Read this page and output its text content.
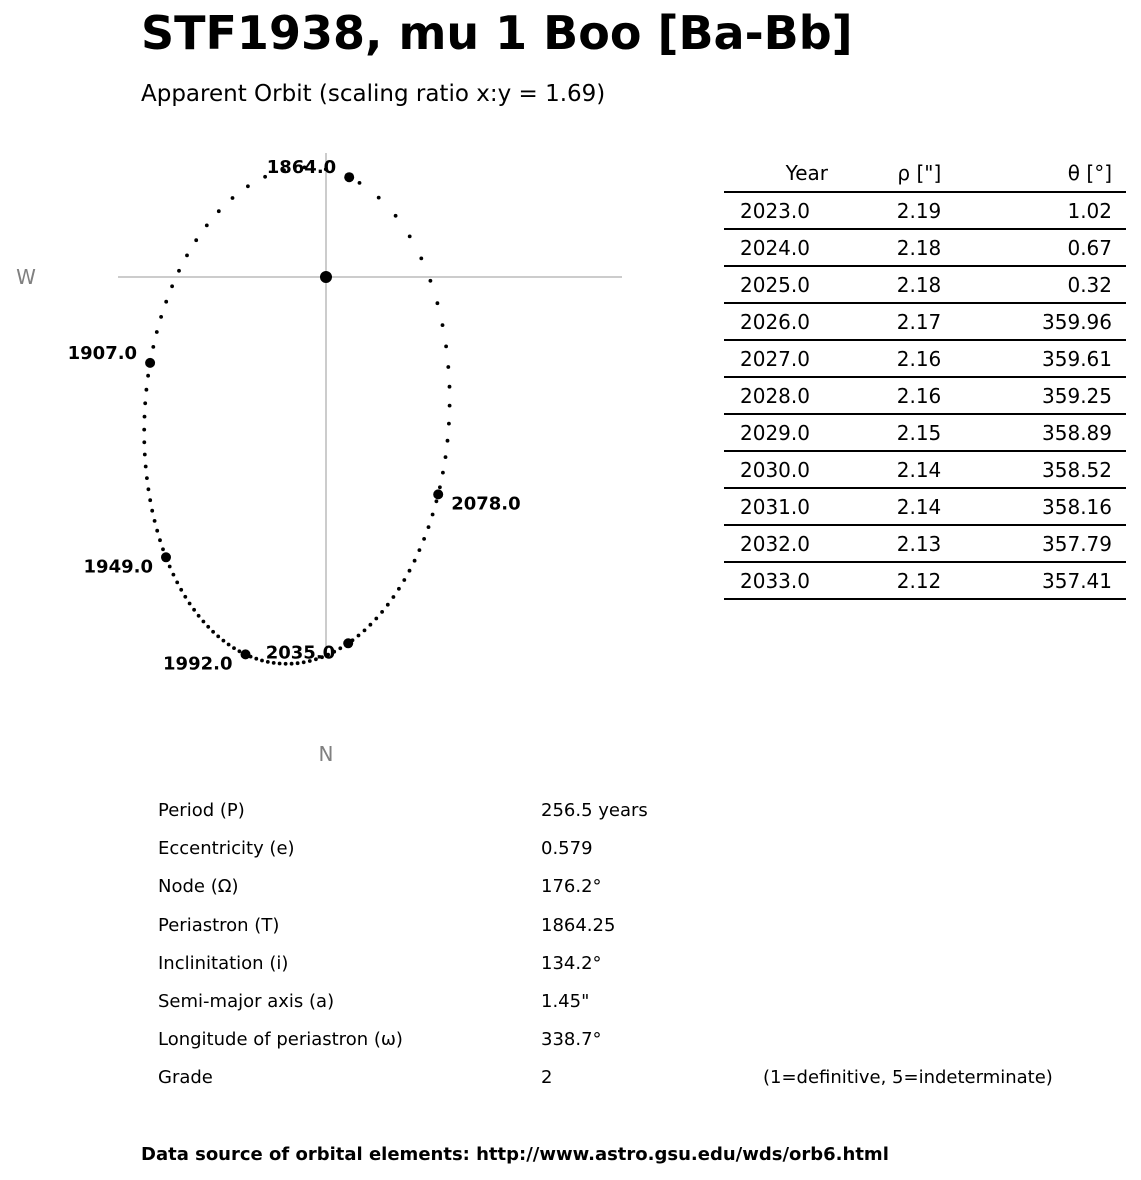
STF1938, mu 1 Boo [Ba-Bb]
Apparent Orbit (scaling ratio x:y = 1.69)
1864.0
1907.0
1949.0
1992.0
2035.0
2078.0
W
N
Year	ρ ["]	θ [°]
2023.0	2.19	1.02
2024.0	2.18	0.67
2025.0	2.18	0.32
2026.0	2.17	359.96
2027.0	2.16	359.61
2028.0	2.16	359.25
2029.0	2.15	358.89
2030.0	2.14	358.52
2031.0	2.14	358.16
2032.0	2.13	357.79
2033.0	2.12	357.41
Period (P)	256.5 years
Eccentricity (e)	0.579
Node (Ω)	176.2°
Periastron (T)	1864.25
Inclinitation (i)	134.2°
Semi-major axis (a)	1.45"
Longitude of periastron (ω)	338.7°
Grade	2	(1=definitive, 5=indeterminate)
Data source of orbital elements: http://www.astro.gsu.edu/wds/orb6.html
